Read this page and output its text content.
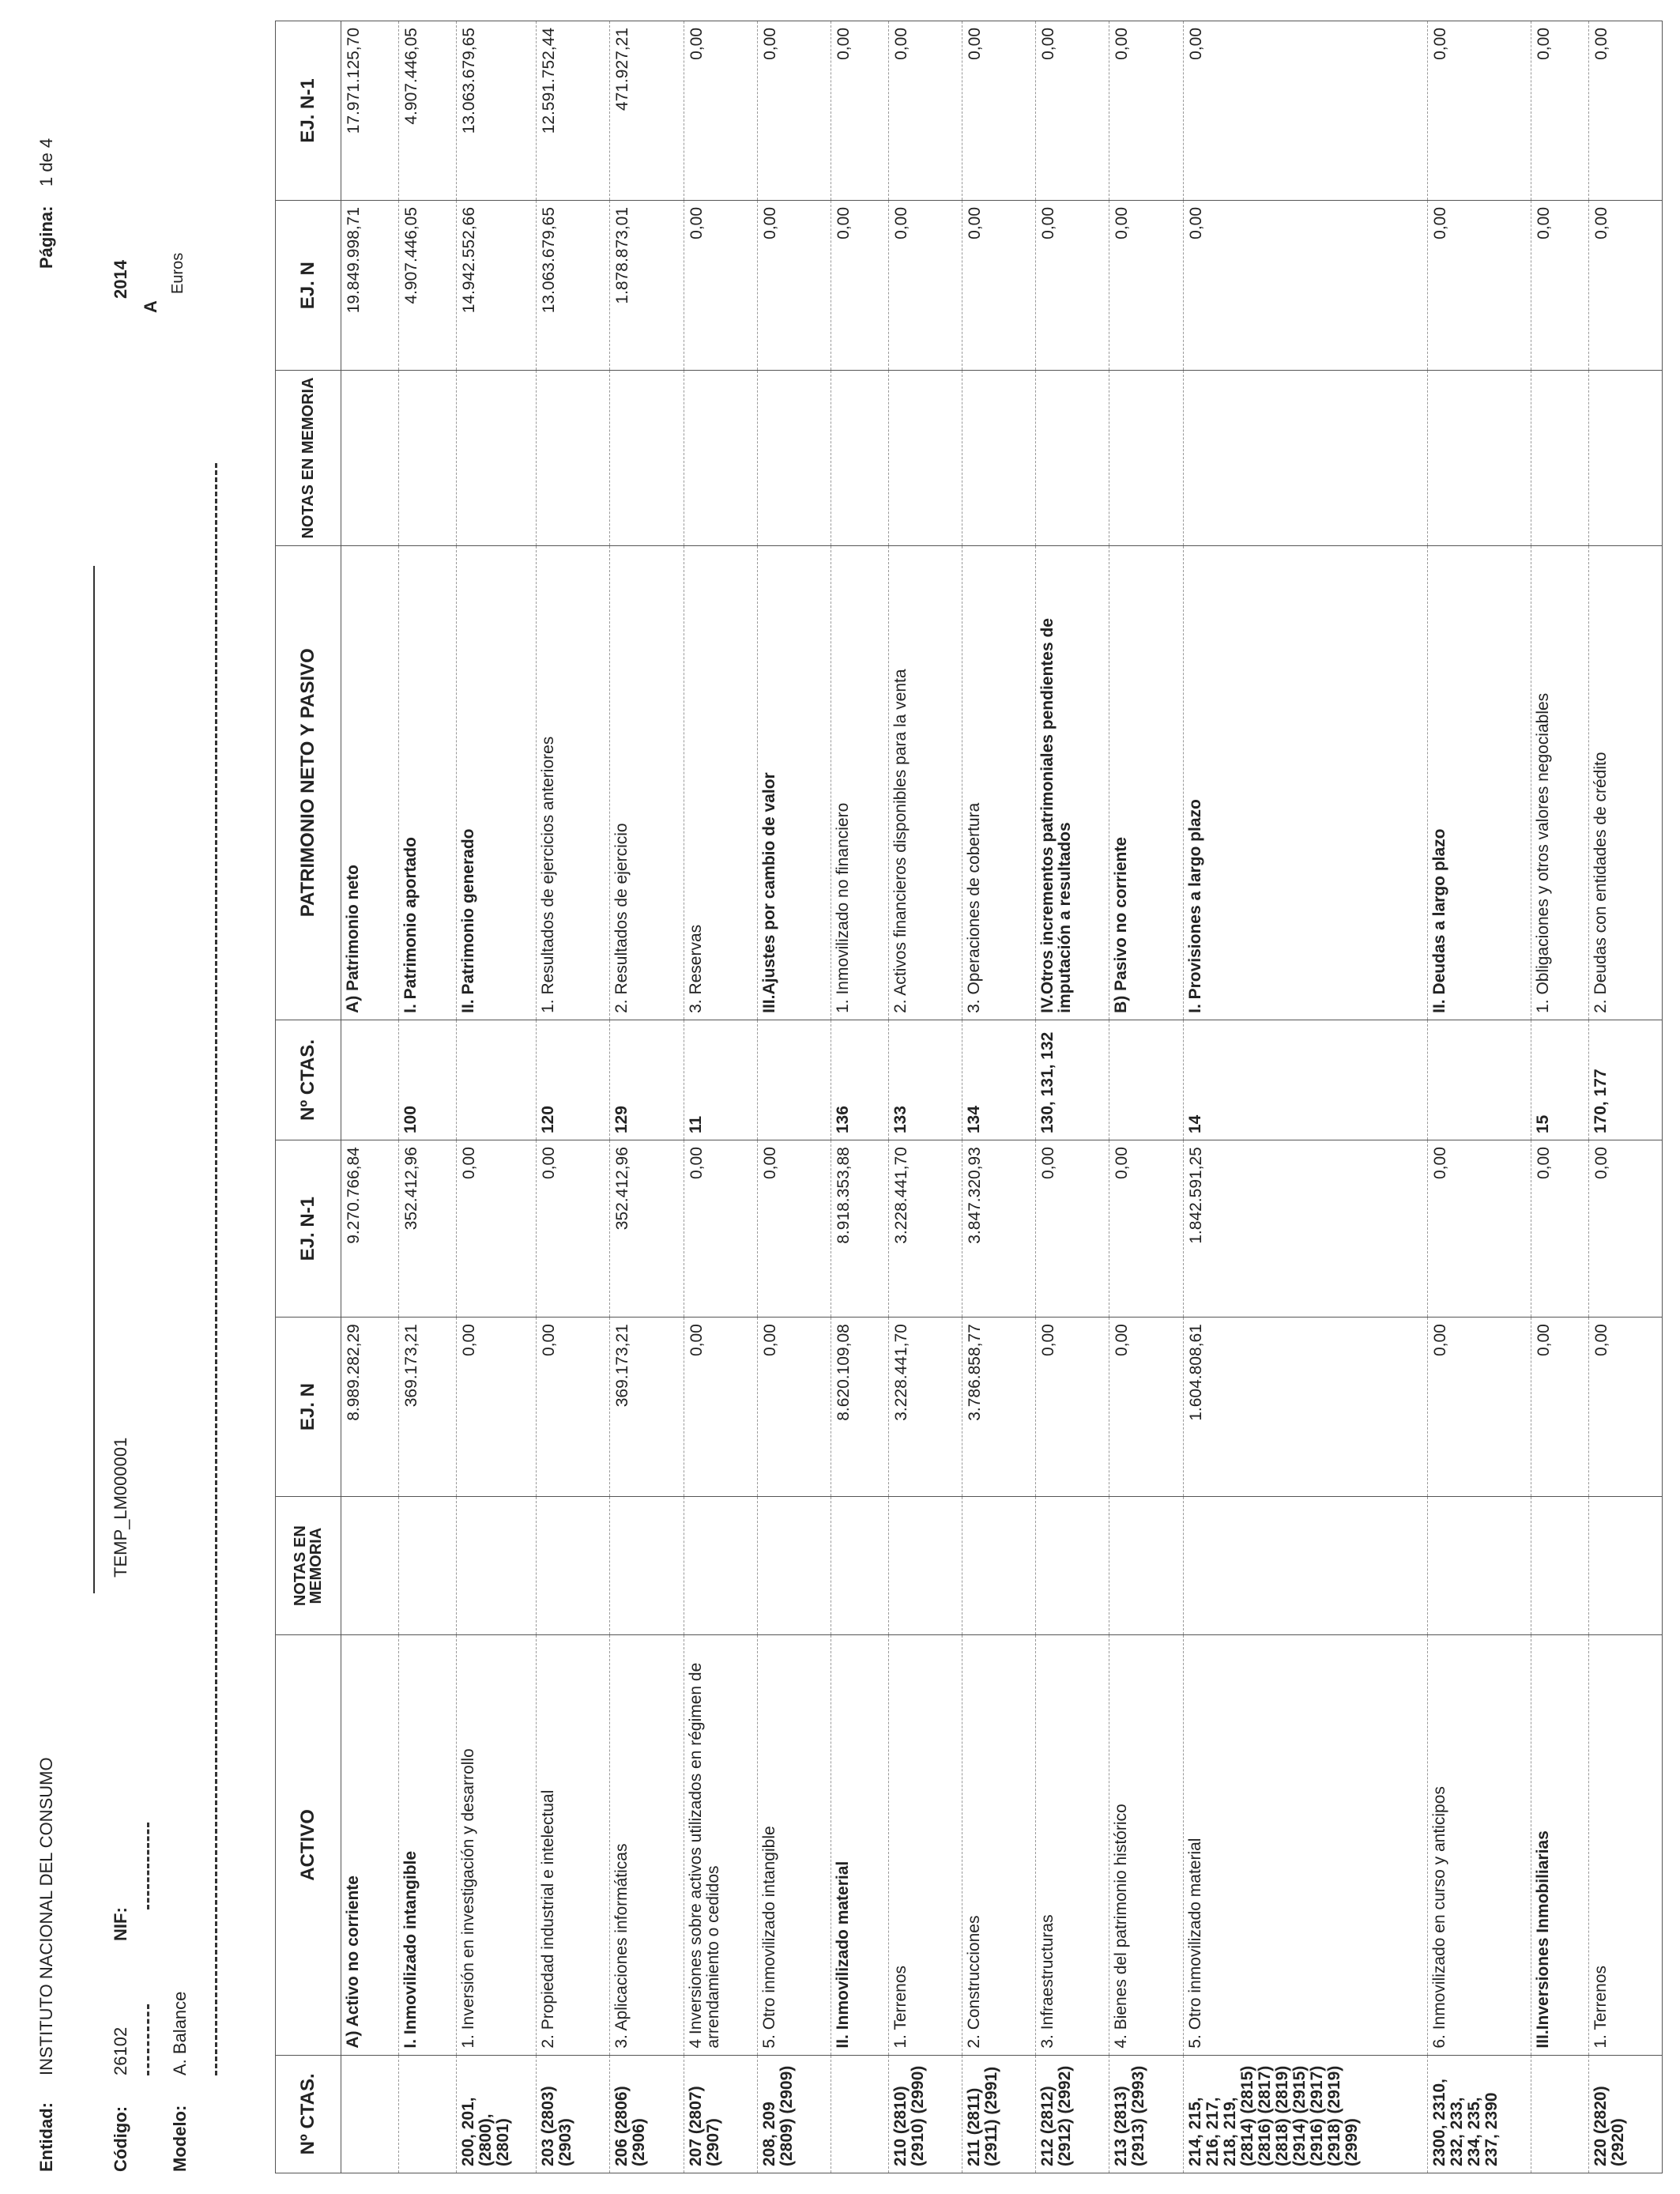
Entidad:
INSTITUTO NACIONAL DEL CONSUMO
Código:
26102
NIF:
TEMP_LM000001
Modelo:
A. Balance
Página:
1 de 4
2014
A
Euros
Nº CTAS.	ACTIVO	NOTAS EN MEMORIA	EJ. N	EJ. N-1	Nº CTAS.	PATRIMONIO NETO Y PASIVO	NOTAS EN MEMORIA	EJ. N	EJ. N-1
	A) Activo no corriente		8.989.282,29	9.270.766,84		A) Patrimonio neto		19.849.998,71	17.971.125,70
	I. Inmovilizado intangible		369.173,21	352.412,96	100	I. Patrimonio aportado		4.907.446,05	4.907.446,05
200, 201, (2800), (2801)	1. Inversión en investigación y desarrollo		0,00	0,00		II. Patrimonio generado		14.942.552,66	13.063.679,65
203 (2803) (2903)	2. Propiedad industrial e intelectual		0,00	0,00	120	1. Resultados de ejercicios anteriores		13.063.679,65	12.591.752,44
206 (2806) (2906)	3. Aplicaciones informáticas		369.173,21	352.412,96	129	2. Resultados de ejercicio		1.878.873,01	471.927,21
207 (2807) (2907)	4 Inversiones sobre activos utilizados en régimen de arrendamiento o cedidos		0,00	0,00	11	3. Reservas		0,00	0,00
208, 209 (2809) (2909)	5. Otro inmovilizado intangible		0,00	0,00		III.Ajustes por cambio de valor		0,00	0,00
	II. Inmovilizado material		8.620.109,08	8.918.353,88	136	1. Inmovilizado no financiero		0,00	0,00
210 (2810) (2910) (2990)	1. Terrenos		3.228.441,70	3.228.441,70	133	2. Activos financieros disponibles para la venta		0,00	0,00
211 (2811) (2911) (2991)	2. Construcciones		3.786.858,77	3.847.320,93	134	3. Operaciones de cobertura		0,00	0,00
212 (2812) (2912) (2992)	3. Infraestructuras		0,00	0,00	130, 131, 132	IV.Otros incrementos patrimoniales pendientes de imputación a resultados		0,00	0,00
213 (2813) (2913) (2993)	4. Bienes del patrimonio histórico		0,00	0,00		B) Pasivo no corriente		0,00	0,00
214, 215, 216, 217, 218, 219, (2814) (2815) (2816) (2817) (2818) (2819) (2914) (2915) (2916) (2917) (2918) (2919) (2999)	5. Otro inmovilizado material		1.604.808,61	1.842.591,25	14	I. Provisiones a largo plazo		0,00	0,00
2300, 2310, 232, 233, 234, 235, 237, 2390	6. Inmovilizado en curso y anticipos		0,00	0,00		II. Deudas a largo plazo		0,00	0,00
	III.Inversiones Inmobiliarias		0,00	0,00	15	1. Obligaciones y otros valores negociables		0,00	0,00
220 (2820) (2920)	1. Terrenos		0,00	0,00	170, 177	2. Deudas con entidades de crédito		0,00	0,00
